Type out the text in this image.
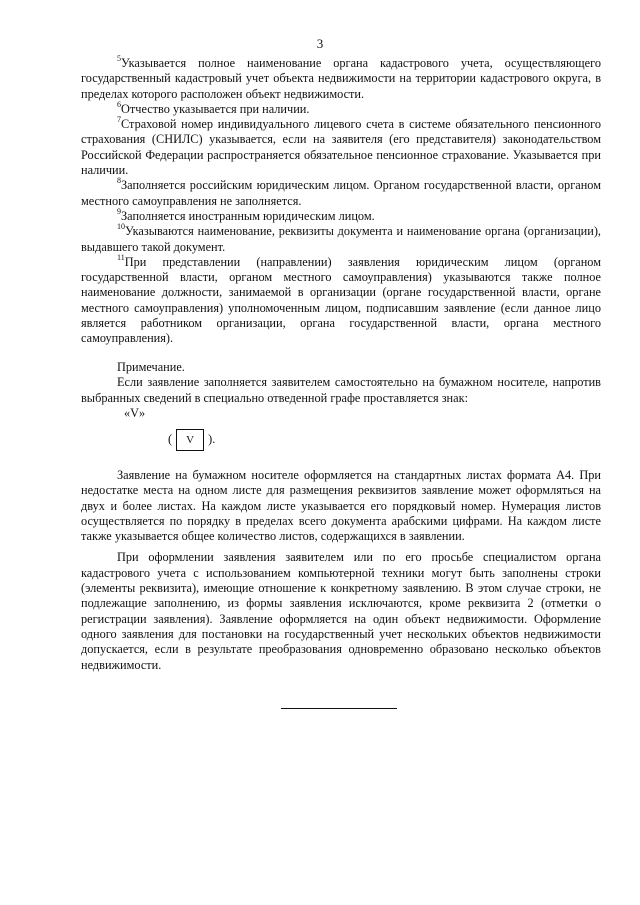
3

$^5$Указывается полное наименование органа кадастрового учета, осуществляющего государственный кадастровый учет объекта недвижимости на территории кадастрового округа, в пределах которого расположен объект недвижимости.

$^6$Отчество указывается при наличии.

$^7$Страховой номер индивидуального лицевого счета в системе обязательного пенсионного страхования (СНИЛС) указывается, если на заявителя (его представителя) законодательством Российской Федерации распространяется обязательное пенсионное страхование. Указывается при наличии.

$^8$Заполняется российским юридическим лицом. Органом государственной власти, органом местного самоуправления не заполняется.

$^9$Заполняется иностранным юридическим лицом.

$^{10}$Указываются наименование, реквизиты документа и наименование органа (организации), выдавшего такой документ.

$^{11}$При представлении (направлении) заявления юридическим лицом (органом государственной власти, органом местного самоуправления) указываются также полное наименование должности, занимаемой в организации (органе государственной власти, органе местного самоуправления) уполномоченным лицом, подписавшим заявление (если данное лицо является работником организации, органа государственной власти, органа местного самоуправления).

Примечание.

Если заявление заполняется заявителем самостоятельно на бумажном носителе, напротив выбранных сведений в специально отведенной графе проставляется знак:

«V»

( V ).

Заявление на бумажном носителе оформляется на стандартных листах формата А4. При недостатке места на одном листе для размещения реквизитов заявление может оформляться на двух и более листах. На каждом листе указывается его порядковый номер. Нумерация листов осуществляется по порядку в пределах всего документа арабскими цифрами. На каждом листе также указывается общее количество листов, содержащихся в заявлении.

При оформлении заявления заявителем или по его просьбе специалистом органа кадастрового учета с использованием компьютерной техники могут быть заполнены строки (элементы реквизита), имеющие отношение к конкретному заявлению. В этом случае строки, не подлежащие заполнению, из формы заявления исключаются, кроме реквизита 2 (отметки о регистрации заявления). Заявление оформляется на один объект недвижимости. Оформление одного заявления для постановки на государственный учет нескольких объектов недвижимости допускается, если в результате преобразования одновременно образовано несколько объектов недвижимости.
